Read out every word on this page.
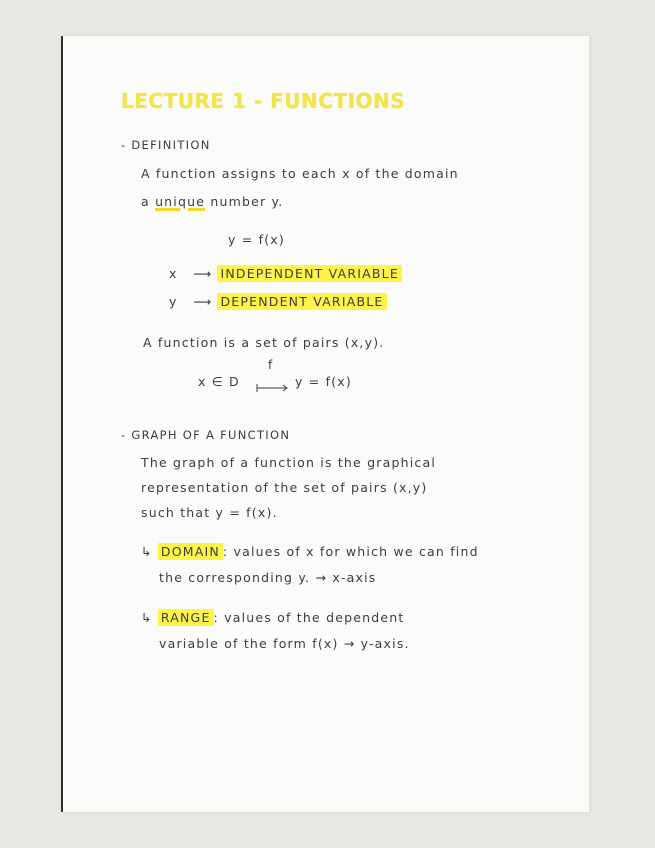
LECTURE 1 - FUNCTIONS
- DEFINITION
A function assigns to each x of the domain
a unique number y.
y = f(x)
x   ⟶ INDEPENDENT VARIABLE
y   ⟶ DEPENDENT VARIABLE
A function is a set of pairs (x,y).
x ∈ D
f
y = f(x)
- GRAPH OF A FUNCTION
The graph of a function is the graphical
representation of the set of pairs (x,y)
such that y = f(x).
↳ DOMAIN : values of x for which we can find
the corresponding y. → x-axis
↳ RANGE : values of the dependent
variable of the form f(x) → y-axis.
